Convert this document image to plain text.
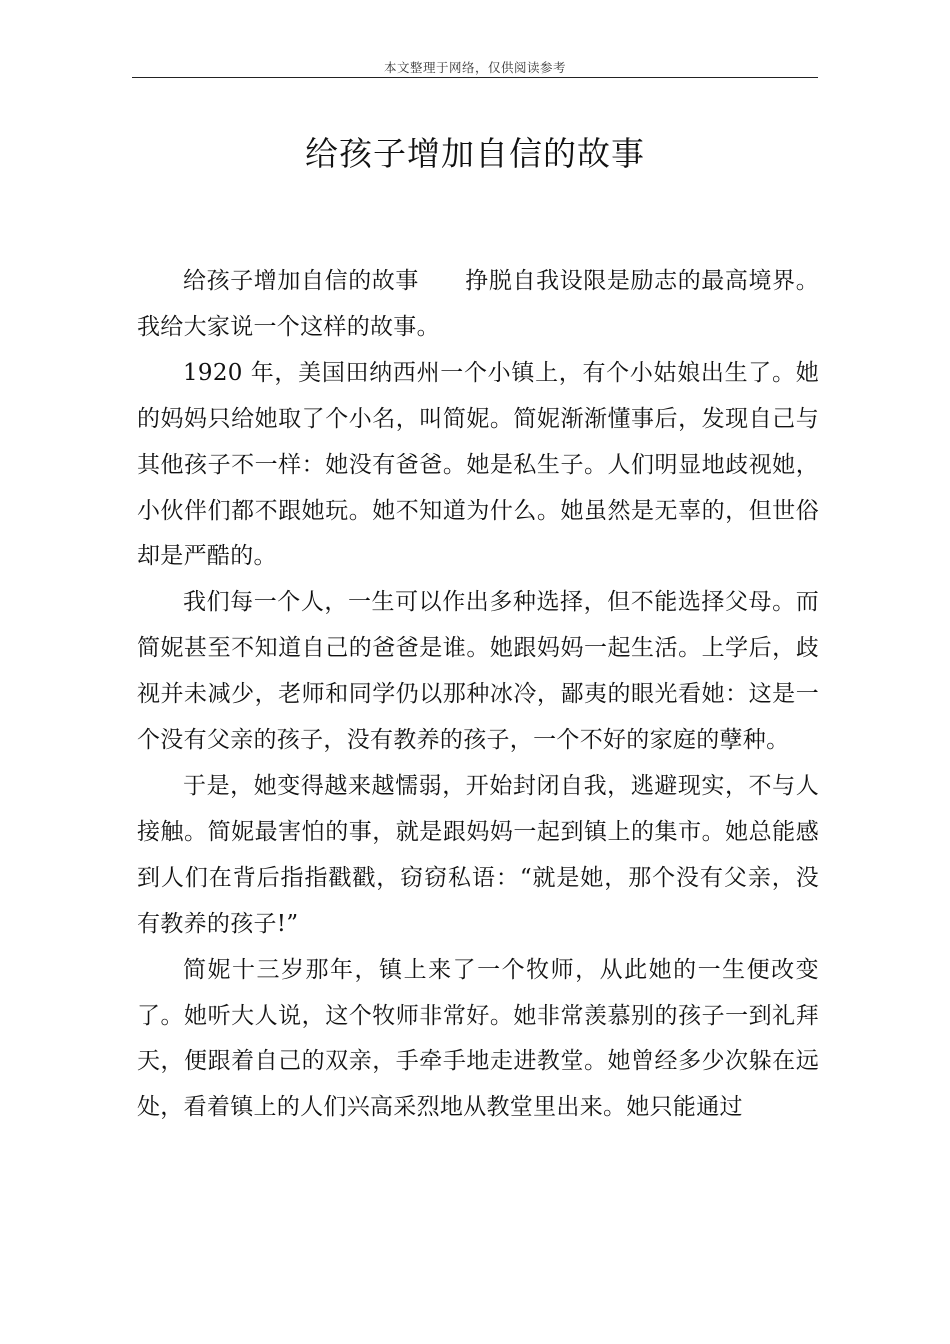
本文整理于网络，仅供阅读参考
给孩子增加自信的故事

给孩子增加自信的故事 挣脱自我设限是励志的最高境界。我给大家说一个这样的故事。

1920 年，美国田纳西州一个小镇上，有个小姑娘出生了。她的妈妈只给她取了个小名，叫简妮。简妮渐渐懂事后，发现自己与其他孩子不一样：她没有爸爸。她是私生子。人们明显地歧视她，小伙伴们都不跟她玩。她不知道为什么。她虽然是无辜的，但世俗却是严酷的。

我们每一个人，一生可以作出多种选择，但不能选择父母。而简妮甚至不知道自己的爸爸是谁。她跟妈妈一起生活。上学后，歧视并未减少，老师和同学仍以那种冰冷，鄙夷的眼光看她：这是一个没有父亲的孩子，没有教养的孩子，一个不好的家庭的孽种。

于是，她变得越来越懦弱，开始封闭自我，逃避现实，不与人接触。简妮最害怕的事，就是跟妈妈一起到镇上的集市。她总能感到人们在背后指指戳戳，窃窃私语：“就是她，那个没有父亲，没有教养的孩子!”

简妮十三岁那年，镇上来了一个牧师，从此她的一生便改变了。她听大人说，这个牧师非常好。她非常羡慕别的孩子一到礼拜天，便跟着自己的双亲，手牵手地走进教堂。她曾经多少次躲在远处，看着镇上的人们兴高采烈地从教堂里出来。她只能通过
